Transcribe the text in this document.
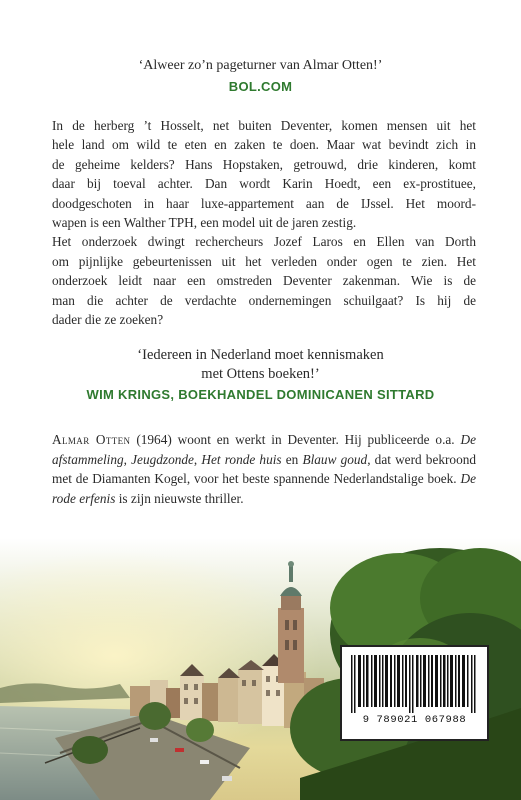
‘Alweer zo’n pageturner van Almar Otten!’
BOL.COM

In de herberg ’t Hosselt, net buiten Deventer, komen mensen uit het

hele land om wild te eten en zaken te doen. Maar wat bevindt zich in

de geheime kelders? Hans Hopstaken, getrouwd, drie kinderen, komt

daar bij toeval achter. Dan wordt Karin Hoedt, een ex-prostituee,

doodgeschoten in haar luxe-appartement aan de IJssel. Het moord-

wapen is een Walther TPH, een model uit de jaren zestig.

Het onderzoek dwingt rechercheurs Jozef Laros en Ellen van Dorth

om pijnlijke gebeurtenissen uit het verleden onder ogen te zien. Het

onderzoek leidt naar een omstreden Deventer zakenman. Wie is de

man die achter de verdachte ondernemingen schuilgaat? Is hij de

dader die ze zoeken?

‘Iedereen in Nederland moet kennismaken
met Ottens boeken!’
WIM KRINGS, BOEKHANDEL DOMINICANEN SITTARD
Almar Otten (1964) woont en werkt in Deventer. Hij publiceerde o.a. De afstammeling, Jeugdzonde, Het ronde huis en Blauw goud, dat werd bekroond met de Diamanten Kogel, voor het beste spannende Nederlandstalige boek. De rode erfenis is zijn nieuwste thriller.
9 789021 067988
